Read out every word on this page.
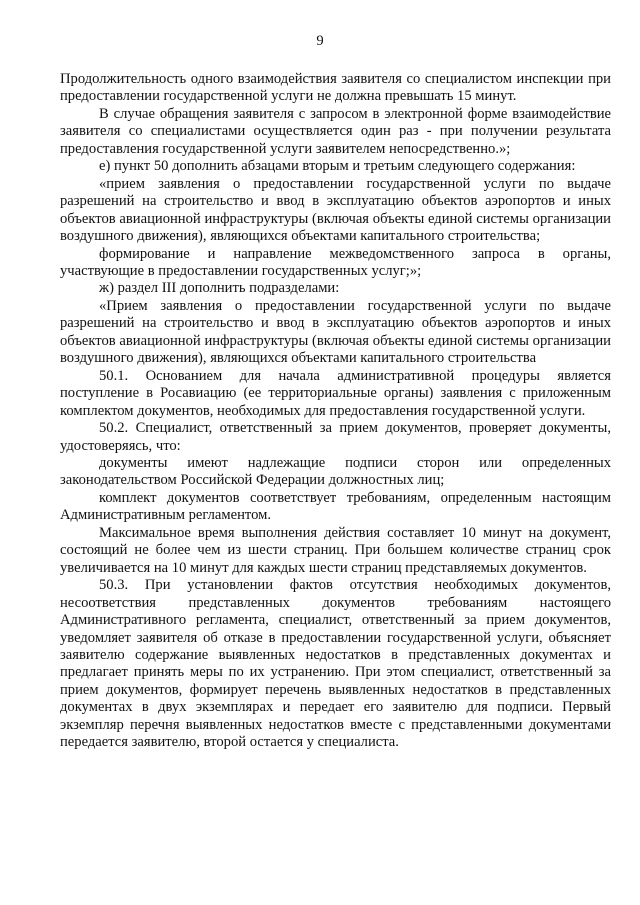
9

Продолжительность одного взаимодействия заявителя со специалистом инспекции при предоставлении государственной услуги не должна превышать 15 минут.

В случае обращения заявителя с запросом в электронной форме взаимодействие заявителя со специалистами осуществляется один раз - при получении результата предоставления государственной услуги заявителем непосредственно.»;

е) пункт 50 дополнить абзацами вторым и третьим следующего содержания:

«прием заявления о предоставлении государственной услуги по выдаче разрешений на строительство и ввод в эксплуатацию объектов аэропортов и иных объектов авиационной инфраструктуры (включая объекты единой системы организации воздушного движения), являющихся объектами капитального строительства;

формирование и направление межведомственного запроса в органы, участвующие в предоставлении государственных услуг;»;

ж) раздел III дополнить подразделами:

«Прием заявления о предоставлении государственной услуги по выдаче разрешений на строительство и ввод в эксплуатацию объектов аэропортов и иных объектов авиационной инфраструктуры (включая объекты единой системы организации воздушного движения), являющихся объектами капитального строительства

50.1. Основанием для начала административной процедуры является поступление в Росавиацию (ее территориальные органы) заявления с приложенным комплектом документов, необходимых для предоставления государственной услуги.

50.2. Специалист, ответственный за прием документов, проверяет документы, удостоверяясь, что:

документы имеют надлежащие подписи сторон или определенных законодательством Российской Федерации должностных лиц;

комплект документов соответствует требованиям, определенным настоящим Административным регламентом.

Максимальное время выполнения действия составляет 10 минут на документ, состоящий не более чем из шести страниц. При большем количестве страниц срок увеличивается на 10 минут для каждых шести страниц представляемых документов.

50.3. При установлении фактов отсутствия необходимых документов, несоответствия представленных документов требованиям настоящего Административного регламента, специалист, ответственный за прием документов, уведомляет заявителя об отказе в предоставлении государственной услуги, объясняет заявителю содержание выявленных недостатков в представленных документах и предлагает принять меры по их устранению. При этом специалист, ответственный за прием документов, формирует перечень выявленных недостатков в представленных документах в двух экземплярах и передает его заявителю для подписи. Первый экземпляр перечня выявленных недостатков вместе с представленными документами передается заявителю, второй остается у специалиста.
